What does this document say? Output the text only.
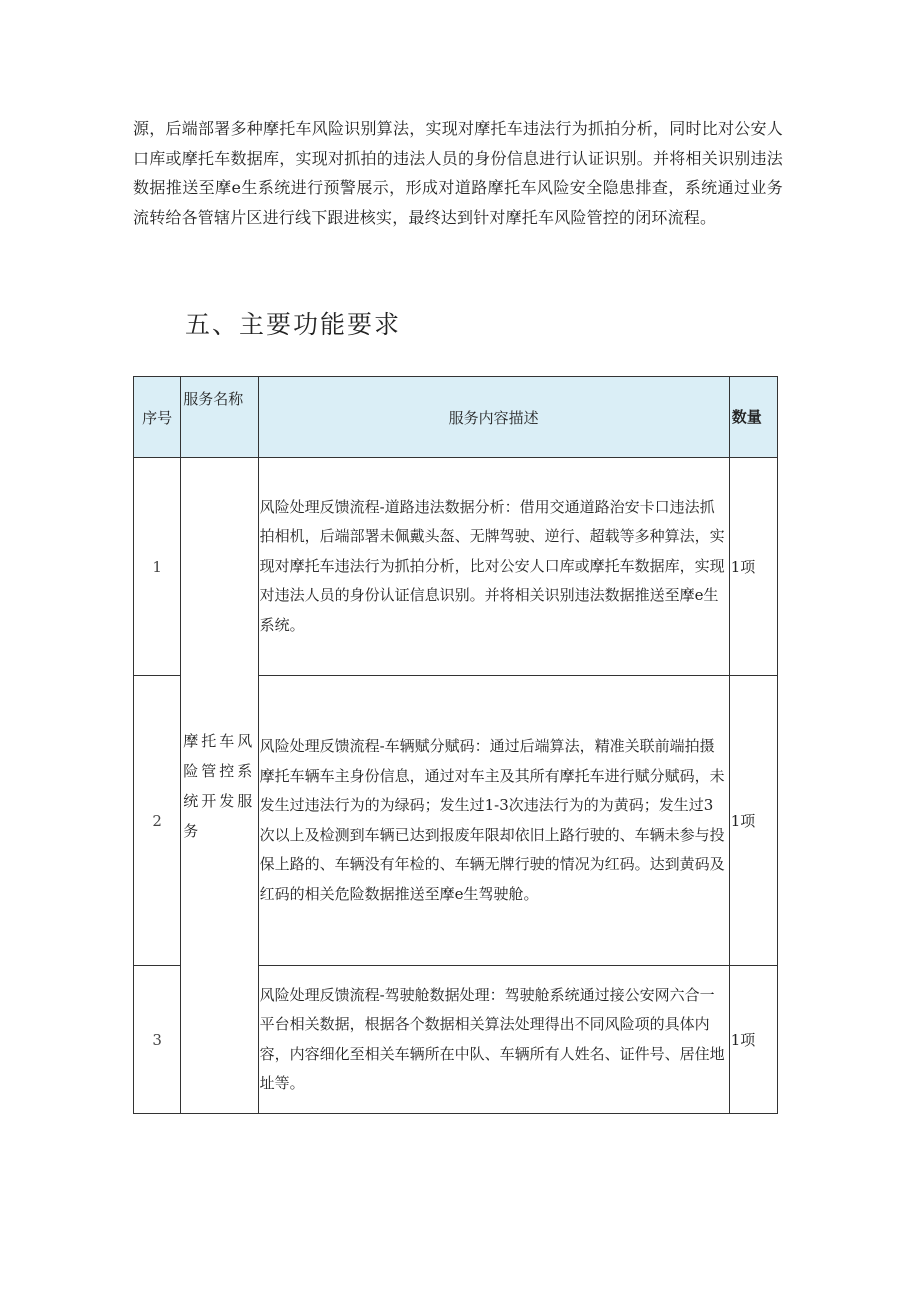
源，后端部署多种摩托车风险识别算法，实现对摩托车违法行为抓拍分析，同时比对公安人口库或摩托车数据库，实现对抓拍的违法人员的身份信息进行认证识别。并将相关识别违法数据推送至摩e生系统进行预警展示，形成对道路摩托车风险安全隐患排查，系统通过业务流转给各管辖片区进行线下跟进核实，最终达到针对摩托车风险管控的闭环流程。

五、主要功能要求
序号	服务名称	服务内容描述	数量
1	摩托车风险管控系统开发服务	风险处理反馈流程-道路违法数据分析：借用交通道路治安卡口违法抓拍相机，后端部署未佩戴头盔、无牌驾驶、逆行、超载等多种算法，实现对摩托车违法行为抓拍分析，比对公安人口库或摩托车数据库，实现对违法人员的身份认证信息识别。并将相关识别违法数据推送至摩e生系统。	1项
2		风险处理反馈流程-车辆赋分赋码：通过后端算法，精准关联前端拍摄摩托车辆车主身份信息，通过对车主及其所有摩托车进行赋分赋码，未发生过违法行为的为绿码；发生过1-3次违法行为的为黄码；发生过3次以上及检测到车辆已达到报废年限却依旧上路行驶的、车辆未参与投保上路的、车辆没有年检的、车辆无牌行驶的情况为红码。达到黄码及红码的相关危险数据推送至摩e生驾驶舱。	1项
3		风险处理反馈流程-驾驶舱数据处理：驾驶舱系统通过接公安网六合一平台相关数据，根据各个数据相关算法处理得出不同风险项的具体内容，内容细化至相关车辆所在中队、车辆所有人姓名、证件号、居住地址等。	1项
